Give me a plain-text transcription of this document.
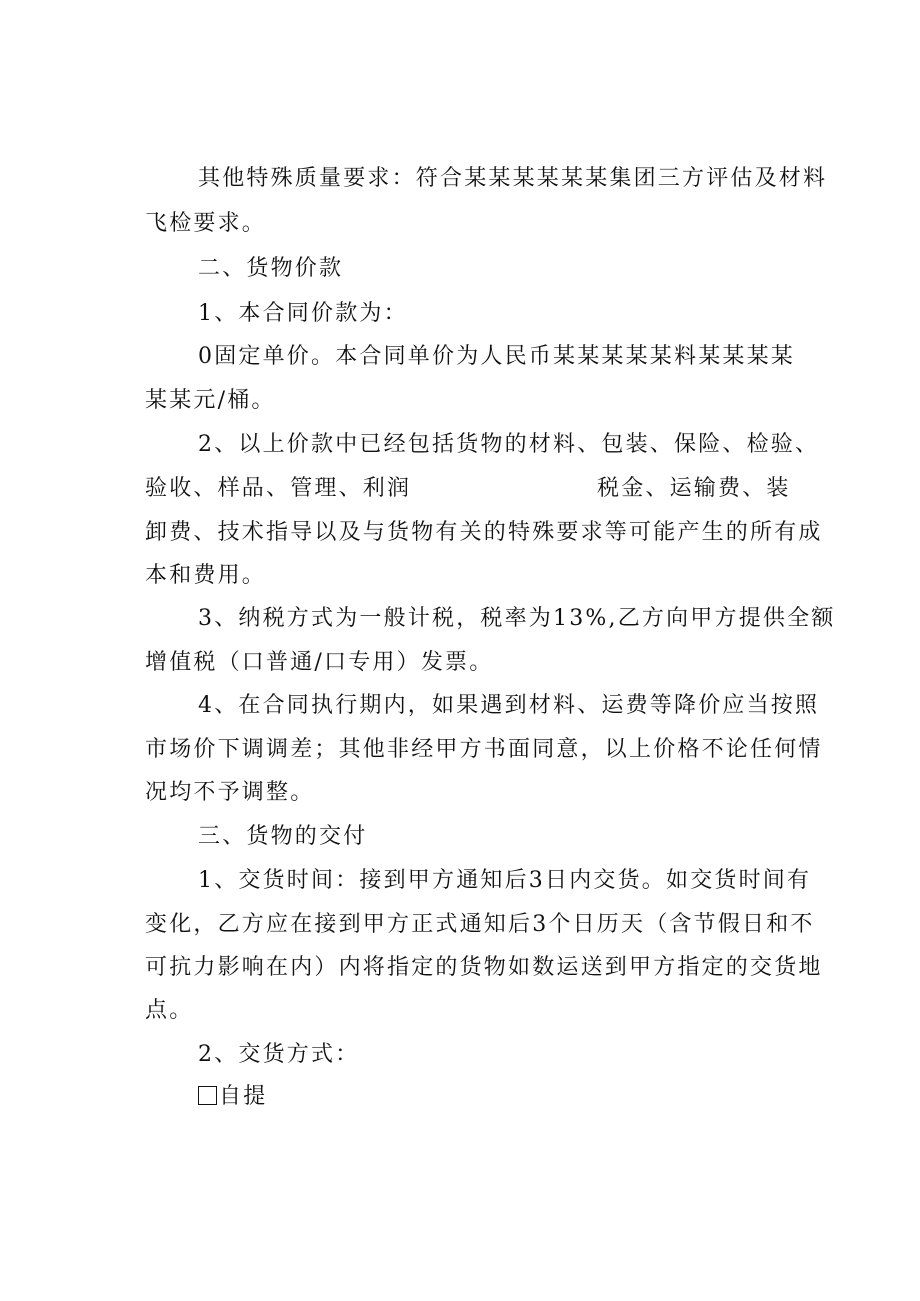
其他特殊质量要求：符合某某某某某某集团三方评估及材料
飞检要求。
二、货物价款
1、本合同价款为：
0固定单价。本合同单价为人民币某某某某某料某某某某
某某元/桶。
2、以上价款中已经包括货物的材料、包装、保险、检验、
验收、样品、管理、利润	税金、运输费、装
卸费、技术指导以及与货物有关的特殊要求等可能产生的所有成
本和费用。
3、纳税方式为一般计税，税率为13%,乙方向甲方提供全额
增值税（口普通/口专用）发票。
4、在合同执行期内，如果遇到材料、运费等降价应当按照
市场价下调调差；其他非经甲方书面同意，以上价格不论任何情
况均不予调整。
三、货物的交付
1、交货时间：接到甲方通知后3日内交货。如交货时间有
变化，乙方应在接到甲方正式通知后3个日历天（含节假日和不
可抗力影响在内）内将指定的货物如数运送到甲方指定的交货地
点。
2、交货方式：
自提
